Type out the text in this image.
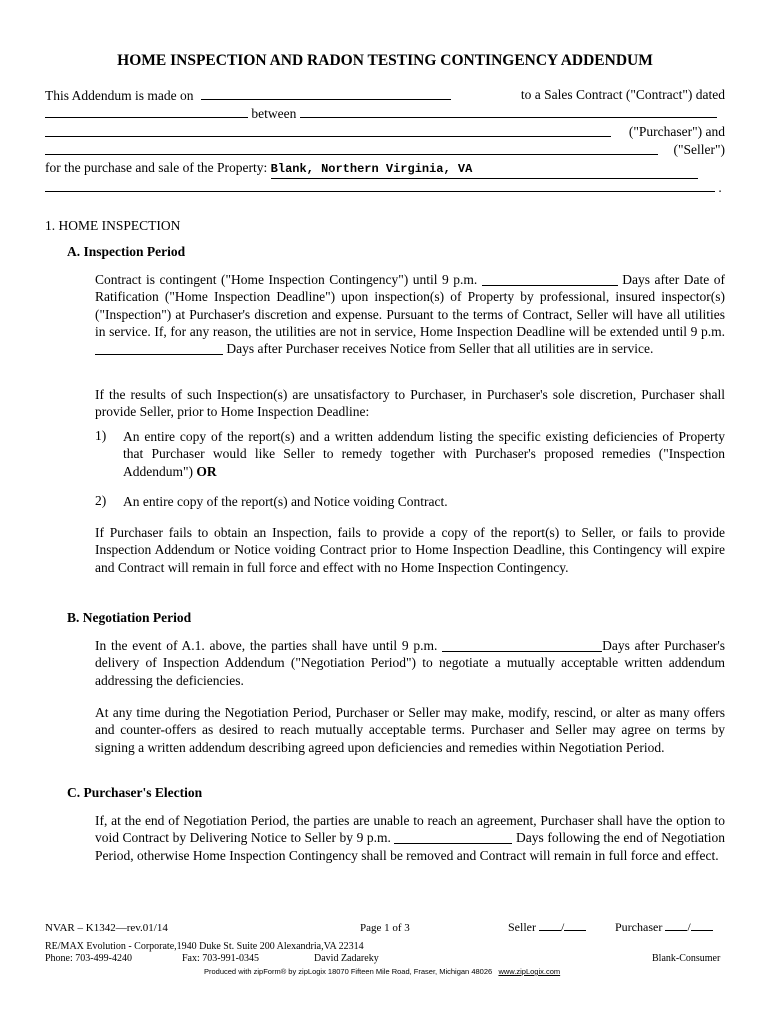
HOME INSPECTION AND RADON TESTING CONTINGENCY ADDENDUM
This Addendum is made on	to a Sales Contract ("Contract") dated
between
("Purchaser") and
("Seller")
for the purchase and sale of the Property: Blank, Northern Virginia, VA
.
1. HOME INSPECTION
A. Inspection Period
Contract is contingent ("Home Inspection Contingency") until 9 p.m.	Days after Date of Ratification ("Home Inspection Deadline") upon inspection(s) of Property by professional, insured inspector(s) ("Inspection") at Purchaser's discretion and expense. Pursuant to the terms of Contract, Seller will have all utilities in service. If, for any reason, the utilities are not in service, Home Inspection Deadline will be extended until 9 p.m.  Days after Purchaser receives Notice from Seller that all utilities are in service.
If the results of such Inspection(s) are unsatisfactory to Purchaser, in Purchaser's sole discretion, Purchaser shall provide Seller, prior to Home Inspection Deadline:
1) An entire copy of the report(s) and a written addendum listing the specific existing deficiencies of Property that Purchaser would like Seller to remedy together with Purchaser's proposed remedies ("Inspection Addendum") OR
2) An entire copy of the report(s) and Notice voiding Contract.
If Purchaser fails to obtain an Inspection, fails to provide a copy of the report(s) to Seller, or fails to provide Inspection Addendum or Notice voiding Contract prior to Home Inspection Deadline, this Contingency will expire and Contract will remain in full force and effect with no Home Inspection Contingency.
B. Negotiation Period
In the event of A.1. above, the parties shall have until 9 p.m.	Days after Purchaser's delivery of Inspection Addendum ("Negotiation Period") to negotiate a mutually acceptable written addendum addressing the deficiencies.
At any time during the Negotiation Period, Purchaser or Seller may make, modify, rescind, or alter as many offers and counter-offers as desired to reach mutually acceptable terms. Purchaser and Seller may agree on terms by signing a written addendum describing agreed upon deficiencies and remedies within Negotiation Period.
C. Purchaser's Election
If, at the end of Negotiation Period, the parties are unable to reach an agreement, Purchaser shall have the option to void Contract by Delivering Notice to Seller by 9 p.m.	Days following the end of Negotiation Period, otherwise Home Inspection Contingency shall be removed and Contract will remain in full force and effect.
NVAR – K1342—rev.01/14	Page 1 of 3	Seller /	Purchaser /
RE/MAX Evolution - Corporate,1940 Duke St. Suite 200 Alexandria,VA 22314
Phone: 703-499-4240	Fax: 703-991-0345	David Zadareky	Blank-Consumer
Produced with zipForm® by zipLogix 18070 Fifteen Mile Road, Fraser, Michigan 48026 www.zipLogix.com
